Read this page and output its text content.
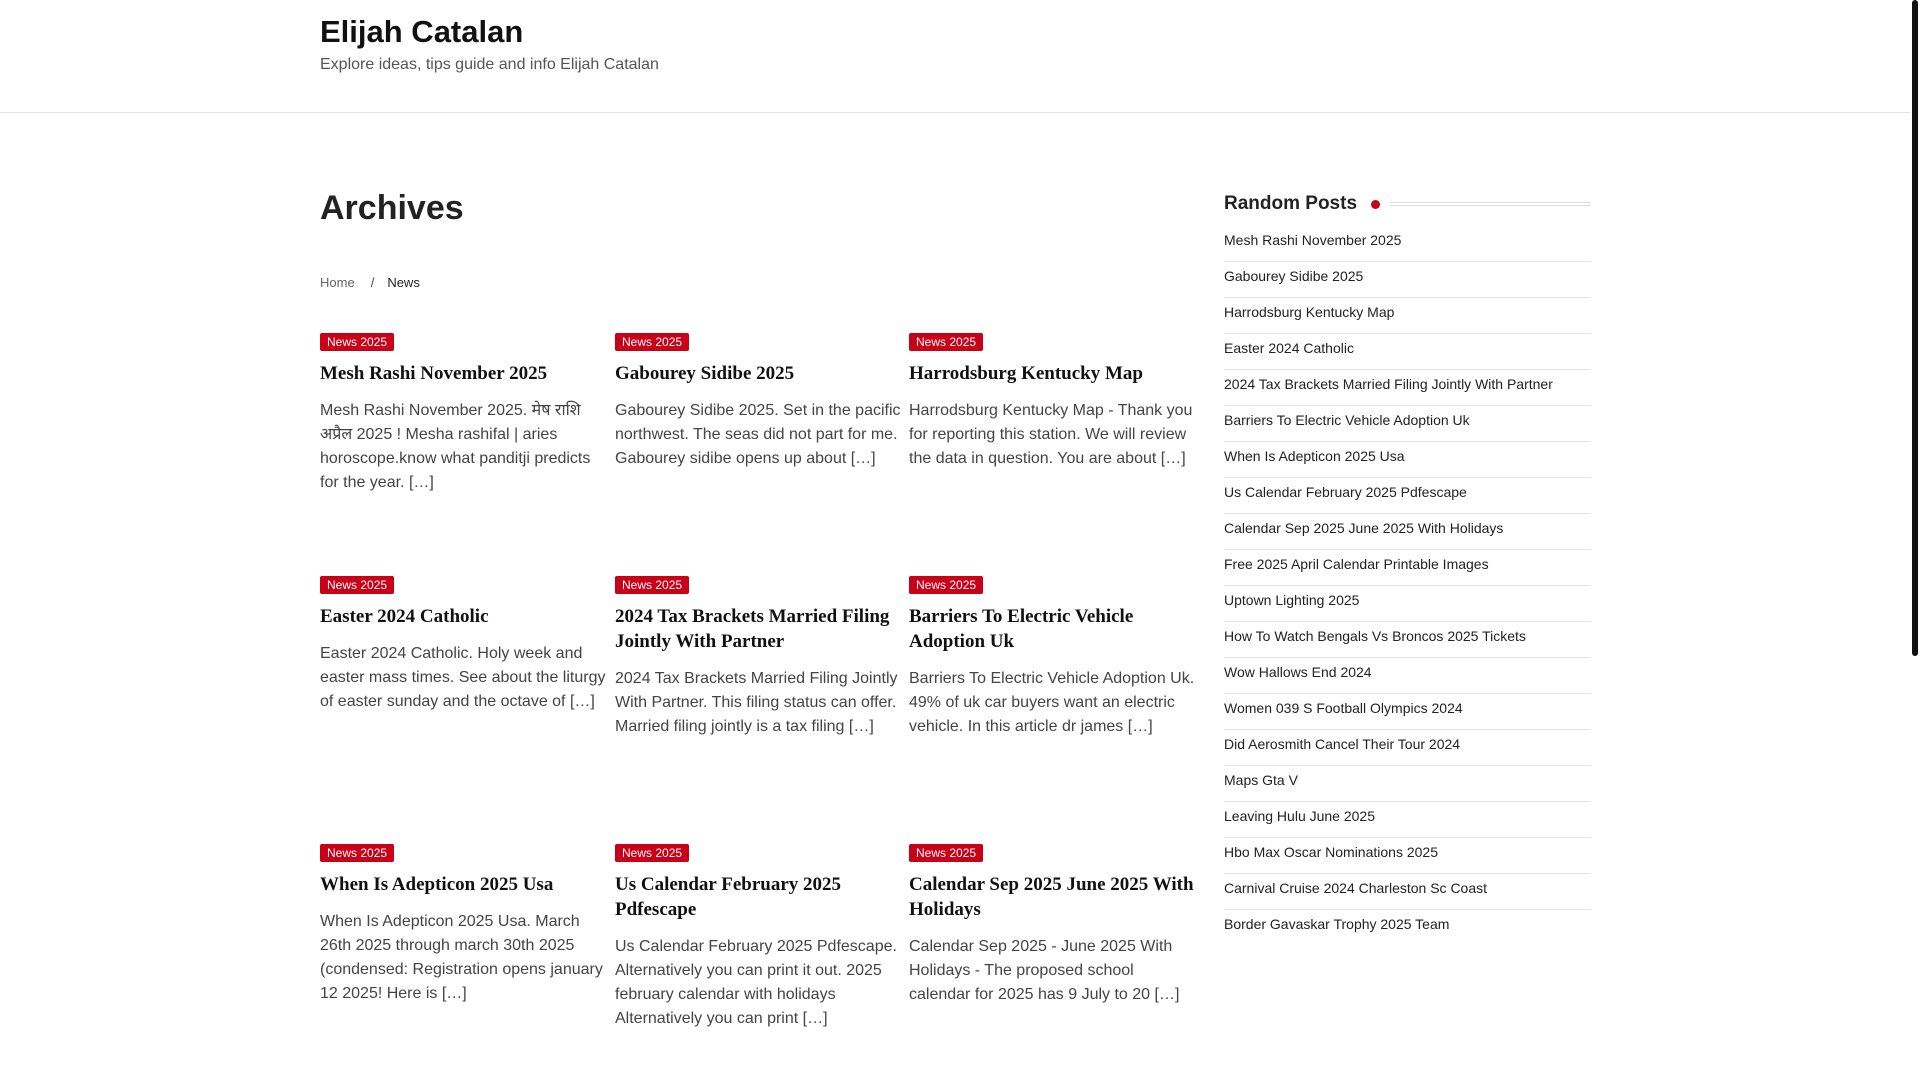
Elijah Catalan
Explore ideas, tips guide and info Elijah Catalan
Archives
Home / News
News 2025
Mesh Rashi November 2025
Mesh Rashi November 2025. मेष राशि अप्रैल 2025 ! Mesha rashifal | aries horoscope.know what panditji predicts for the year. […]
News 2025
Gabourey Sidibe 2025
Gabourey Sidibe 2025. Set in the pacific northwest. The seas did not part for me. Gabourey sidibe opens up about […]
News 2025
Harrodsburg Kentucky Map
Harrodsburg Kentucky Map - Thank you for reporting this station. We will review the data in question. You are about […]
News 2025
Easter 2024 Catholic
Easter 2024 Catholic. Holy week and easter mass times. See about the liturgy of easter sunday and the octave of […]
News 2025
2024 Tax Brackets Married Filing Jointly With Partner
2024 Tax Brackets Married Filing Jointly With Partner. This filing status can offer. Married filing jointly is a tax filing […]
News 2025
Barriers To Electric Vehicle Adoption Uk
Barriers To Electric Vehicle Adoption Uk. 49% of uk car buyers want an electric vehicle. In this article dr james […]
News 2025
When Is Adepticon 2025 Usa
When Is Adepticon 2025 Usa. March 26th 2025 through march 30th 2025 (condensed: Registration opens january 12 2025! Here is […]
News 2025
Us Calendar February 2025 Pdfescape
Us Calendar February 2025 Pdfescape. Alternatively you can print it out. 2025 february calendar with holidays Alternatively you can print […]
News 2025
Calendar Sep 2025 June 2025 With Holidays
Calendar Sep 2025 - June 2025 With Holidays - The proposed school calendar for 2025 has 9 July to 20 […]
Random Posts
Mesh Rashi November 2025
Gabourey Sidibe 2025
Harrodsburg Kentucky Map
Easter 2024 Catholic
2024 Tax Brackets Married Filing Jointly With Partner
Barriers To Electric Vehicle Adoption Uk
When Is Adepticon 2025 Usa
Us Calendar February 2025 Pdfescape
Calendar Sep 2025 June 2025 With Holidays
Free 2025 April Calendar Printable Images
Uptown Lighting 2025
How To Watch Bengals Vs Broncos 2025 Tickets
Wow Hallows End 2024
Women 039 S Football Olympics 2024
Did Aerosmith Cancel Their Tour 2024
Maps Gta V
Leaving Hulu June 2025
Hbo Max Oscar Nominations 2025
Carnival Cruise 2024 Charleston Sc Coast
Border Gavaskar Trophy 2025 Team
